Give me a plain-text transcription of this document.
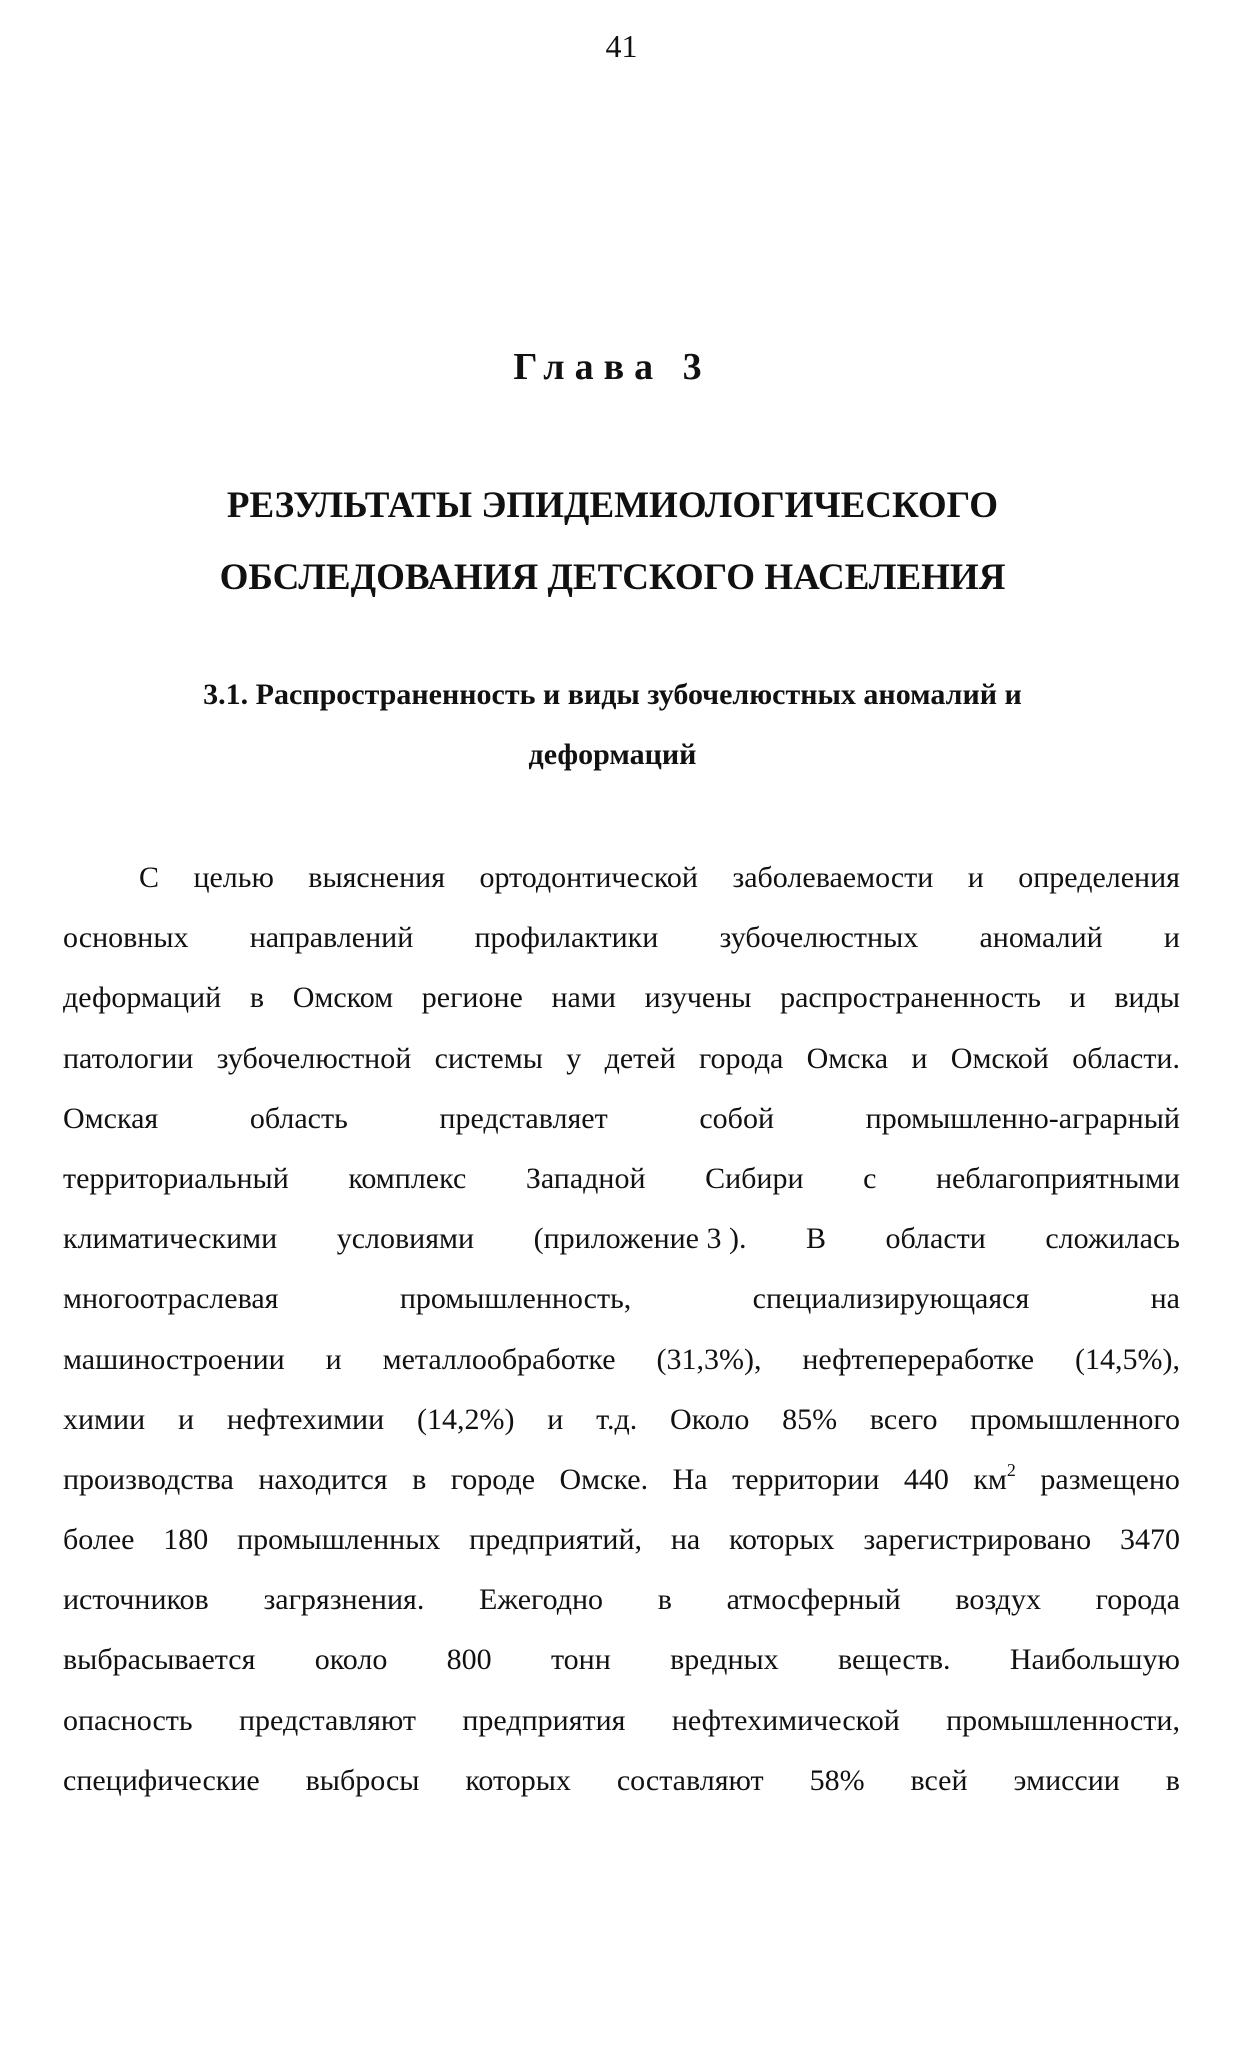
41
Глава 3
РЕЗУЛЬТАТЫ ЭПИДЕМИОЛОГИЧЕСКОГО
ОБСЛЕДОВАНИЯ ДЕТСКОГО НАСЕЛЕНИЯ
3.1. Распространенность и виды зубочелюстных аномалий и
деформаций
С целью выяснения ортодонтической заболеваемости и определения
основных направлений профилактики зубочелюстных аномалий и
деформаций в Омском регионе нами изучены распространенность и виды
патологии зубочелюстной системы у детей города Омска и Омской области.
Омская	область	представляет	собой	промышленно-аграрный
территориальный комплекс Западной Сибири с неблагоприятными
климатическими условиями (приложение 3 ). В области сложилась
многоотраслевая	промышленность,	специализирующаяся	на
машиностроении и металлообработке (31,3%), нефтепереработке (14,5%),
химии и нефтехимии (14,2%) и т.д. Около 85% всего промышленного
производства находится в городе Омске. На территории 440 $км^2$ размещено
более 180 промышленных предприятий, на которых зарегистрировано 3470
источников загрязнения. Ежегодно в атмосферный воздух города
выбрасывается около 800 тонн вредных веществ. Наибольшую
опасность представляют предприятия нефтехимической промышленности,
специфические выбросы которых составляют 58% всей эмиссии в
